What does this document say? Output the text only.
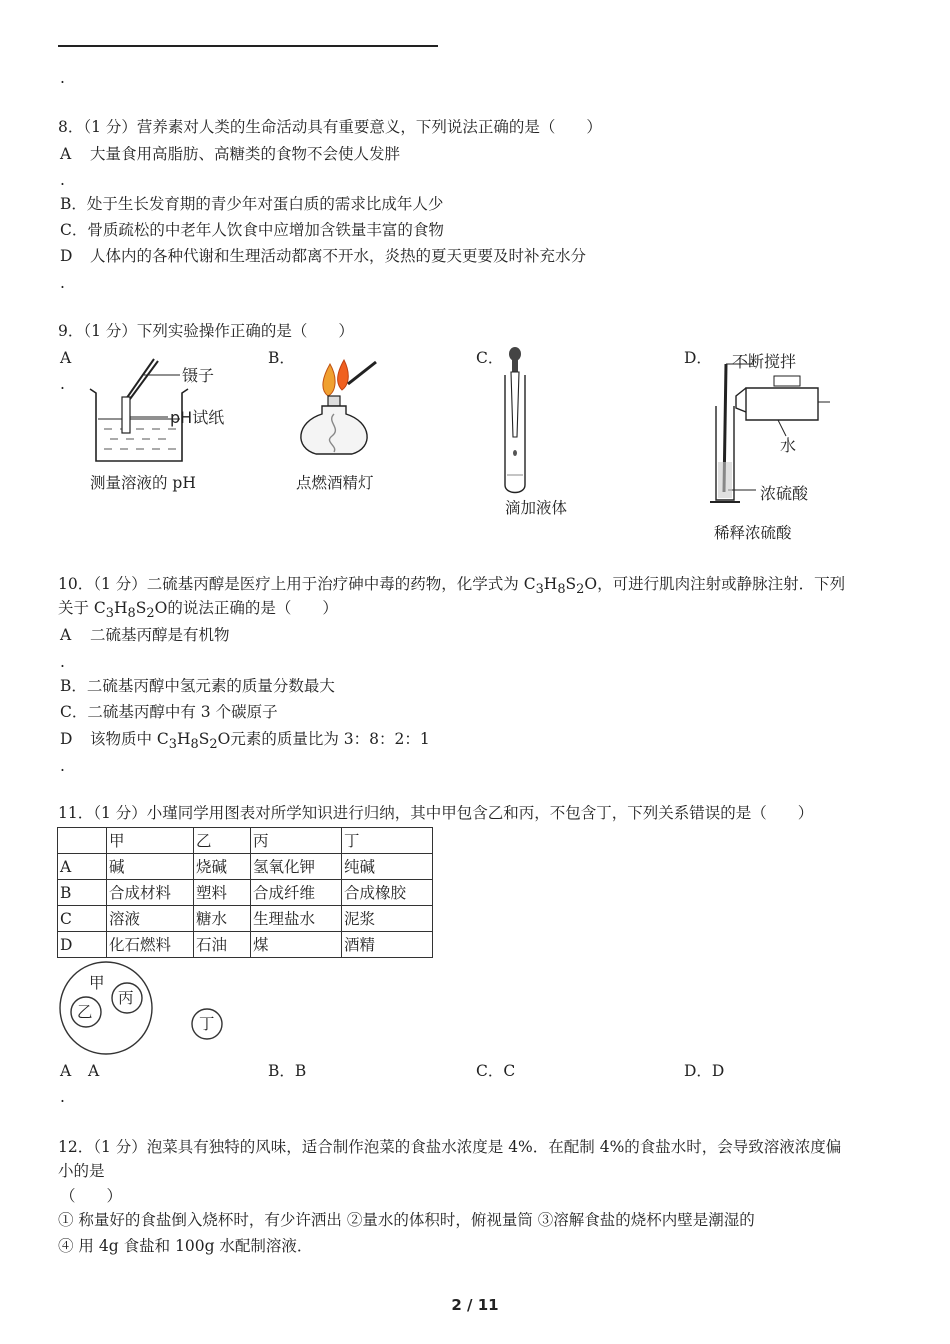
.
8．（1 分）营养素对人类的生命活动具有重要意义，下列说法正确的是（　　）
A 大量食用高脂肪、高糖类的食物不会使人发胖
.
B．处于生长发育期的青少年对蛋白质的需求比成年人少
C．骨质疏松的中老年人饮食中应增加含铁量丰富的食物
D 人体内的各种代谢和生理活动都离不开水，炎热的夏天更要及时补充水分
.
9．（1 分）下列实验操作正确的是（　　）
A
.
B．	C．	D．
镊子
pH试纸
测量溶液的 pH	点燃酒精灯
滴加液体
不断搅拌
水
浓硫酸
稀释浓硫酸
10．（1 分）二硫基丙醇是医疗上用于治疗砷中毒的药物，化学式为 $C_3H_8S_2O$，可进行肌肉注射或静脉注射．下列
关于 $C_3H_8S_2O$的说法正确的是（　　）
A 二硫基丙醇是有机物
.
B．二硫基丙醇中氢元素的质量分数最大
C．二硫基丙醇中有 3 个碳原子
D 该物质中 $C_3H_8S_2O$元素的质量比为 3：8：2：1
.
11．（1 分）小瑾同学用图表对所学知识进行归纳，其中甲包含乙和丙，不包含丁，下列关系错误的是（　　）
	甲	乙	丙	丁
A	碱	烧碱	氢氧化钾	纯碱
B	合成材料	塑料	合成纤维	合成橡胶
C	溶液	糖水	生理盐水	泥浆
D	化石燃料	石油	煤	酒精
甲
乙
丙
丁
A A	B．B	C．C	D．D
.
12．（1 分）泡菜具有独特的风味，适合制作泡菜的食盐水浓度是 4%．在配制 4%的食盐水时，会导致溶液浓度偏
小的是
（　　）
① 称量好的食盐倒入烧杯时，有少许洒出 ②量水的体积时，俯视量筒 ③溶解食盐的烧杯内壁是潮湿的
④ 用 4g 食盐和 100g 水配制溶液．
2 / 11
